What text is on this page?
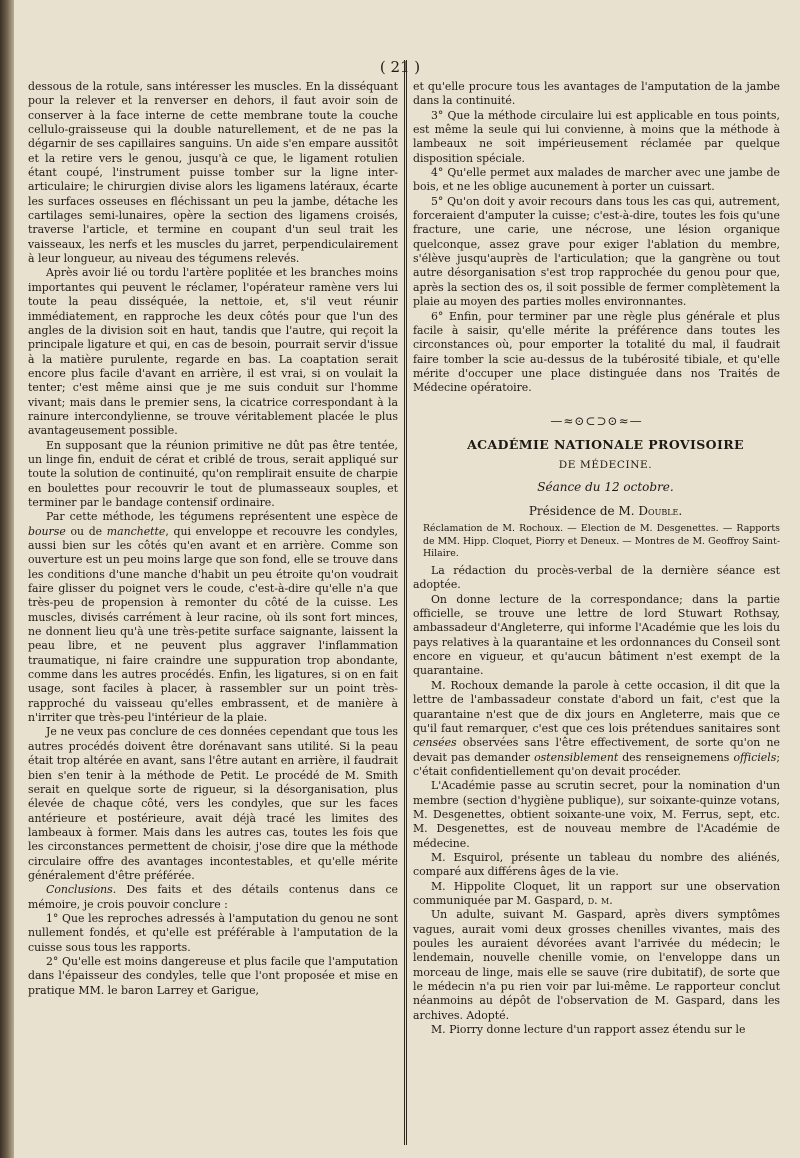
( 21 )

dessous de la rotule, sans intéresser les muscles. En la disséquant pour la relever et la renverser en dehors, il faut avoir soin de conserver à la face interne de cette membrane toute la couche cellulo-graisseuse qui la double naturellement, et de ne pas la dégarnir de ses capillaires sanguins. Un aide s'en empare aussitôt et la retire vers le genou, jusqu'à ce que, le ligament rotulien étant coupé, l'instrument puisse tomber sur la ligne inter-articulaire; le chirurgien divise alors les ligamens latéraux, écarte les surfaces osseuses en fléchissant un peu la jambe, détache les cartilages semi-lunaires, opère la section des ligamens croisés, traverse l'article, et termine en coupant d'un seul trait les vaisseaux, les nerfs et les muscles du jarret, perpendiculairement à leur longueur, au niveau des tégumens relevés.

Après avoir lié ou tordu l'artère poplitée et les branches moins importantes qui peuvent le réclamer, l'opérateur ramène vers lui toute la peau disséquée, la nettoie, et, s'il veut réunir immédiatement, en rapproche les deux côtés pour que l'un des angles de la division soit en haut, tandis que l'autre, qui reçoit la principale ligature et qui, en cas de besoin, pourrait servir d'issue à la matière purulente, regarde en bas. La coaptation serait encore plus facile d'avant en arrière, il est vrai, si on voulait la tenter; c'est même ainsi que je me suis conduit sur l'homme vivant; mais dans le premier sens, la cicatrice correspondant à la rainure intercondylienne, se trouve véritablement placée le plus avantageusement possible.

En supposant que la réunion primitive ne dût pas être tentée, un linge fin, enduit de cérat et criblé de trous, serait appliqué sur toute la solution de continuité, qu'on remplirait ensuite de charpie en boulettes pour recouvrir le tout de plumasseaux souples, et terminer par le bandage contensif ordinaire.

Par cette méthode, les tégumens représentent une espèce de bourse ou de manchette, qui enveloppe et recouvre les condyles, aussi bien sur les côtés qu'en avant et en arrière. Comme son ouverture est un peu moins large que son fond, elle se trouve dans les conditions d'une manche d'habit un peu étroite qu'on voudrait faire glisser du poignet vers le coude, c'est-à-dire qu'elle n'a que très-peu de propension à remonter du côté de la cuisse. Les muscles, divisés carrément à leur racine, où ils sont fort minces, ne donnent lieu qu'à une très-petite surface saignante, laissent la peau libre, et ne peuvent plus aggraver l'inflammation traumatique, ni faire craindre une suppuration trop abondante, comme dans les autres procédés. Enfin, les ligatures, si on en fait usage, sont faciles à placer, à rassembler sur un point très-rapproché du vaisseau qu'elles embrassent, et de manière à n'irriter que très-peu l'intérieur de la plaie.

Je ne veux pas conclure de ces données cependant que tous les autres procédés doivent être dorénavant sans utilité. Si la peau était trop altérée en avant, sans l'être autant en arrière, il faudrait bien s'en tenir à la méthode de Petit. Le procédé de M. Smith serait en quelque sorte de rigueur, si la désorganisation, plus élevée de chaque côté, vers les condyles, que sur les faces antérieure et postérieure, avait déjà tracé les limites des lambeaux à former. Mais dans les autres cas, toutes les fois que les circonstances permettent de choisir, j'ose dire que la méthode circulaire offre des avantages incontestables, et qu'elle mérite généralement d'être préférée.

Conclusions. Des faits et des détails contenus dans ce mémoire, je crois pouvoir conclure :

1° Que les reproches adressés à l'amputation du genou ne sont nullement fondés, et qu'elle est préférable à l'amputation de la cuisse sous tous les rapports.

2° Qu'elle est moins dangereuse et plus facile que l'amputation dans l'épaisseur des condyles, telle que l'ont proposée et mise en pratique MM. le baron Larrey et Garigue,

et qu'elle procure tous les avantages de l'amputation de la jambe dans la continuité.

3° Que la méthode circulaire lui est applicable en tous points, est même la seule qui lui convienne, à moins que la méthode à lambeaux ne soit impérieusement réclamée par quelque disposition spéciale.

4° Qu'elle permet aux malades de marcher avec une jambe de bois, et ne les oblige aucunement à porter un cuissart.

5° Qu'on doit y avoir recours dans tous les cas qui, autrement, forceraient d'amputer la cuisse; c'est-à-dire, toutes les fois qu'une fracture, une carie, une nécrose, une lésion organique quelconque, assez grave pour exiger l'ablation du membre, s'élève jusqu'auprès de l'articulation; que la gangrène ou tout autre désorganisation s'est trop rapprochée du genou pour que, après la section des os, il soit possible de fermer complètement la plaie au moyen des parties molles environnantes.

6° Enfin, pour terminer par une règle plus générale et plus facile à saisir, qu'elle mérite la préférence dans toutes les circonstances où, pour emporter la totalité du mal, il faudrait faire tomber la scie au-dessus de la tubérosité tibiale, et qu'elle mérite d'occuper une place distinguée dans nos Traités de Médecine opératoire.

—≈⊙⊂⊃⊙≈—

ACADÉMIE NATIONALE PROVISOIRE

DE MÉDECINE.

Séance du 12 octobre.

Présidence de M. Double.

Réclamation de M. Rochoux. — Election de M. Desgenettes. — Rapports de MM. Hipp. Cloquet, Piorry et Deneux. — Montres de M. Geoffroy Saint-Hilaire.

La rédaction du procès-verbal de la dernière séance est adoptée.

On donne lecture de la correspondance; dans la partie officielle, se trouve une lettre de lord Stuwart Rothsay, ambassadeur d'Angleterre, qui informe l'Académie que les lois du pays relatives à la quarantaine et les ordonnances du Conseil sont encore en vigueur, et qu'aucun bâtiment n'est exempt de la quarantaine.

M. Rochoux demande la parole à cette occasion, il dit que la lettre de l'ambassadeur constate d'abord un fait, c'est que la quarantaine n'est que de dix jours en Angleterre, mais que ce qu'il faut remarquer, c'est que ces lois prétendues sanitaires sont censées observées sans l'être effectivement, de sorte qu'on ne devait pas demander ostensiblement des renseignemens officiels; c'était confidentiellement qu'on devait procéder.

L'Académie passe au scrutin secret, pour la nomination d'un membre (section d'hygiène publique), sur soixante-quinze votans, M. Desgenettes, obtient soixante-une voix, M. Ferrus, sept, etc. M. Desgenettes, est de nouveau membre de l'Académie de médecine.

M. Esquirol, présente un tableau du nombre des aliénés, comparé aux différens âges de la vie.

M. Hippolite Cloquet, lit un rapport sur une observation communiquée par M. Gaspard, d. m.

Un adulte, suivant M. Gaspard, après divers symptômes vagues, aurait vomi deux grosses chenilles vivantes, mais des poules les auraient dévorées avant l'arrivée du médecin; le lendemain, nouvelle chenille vomie, on l'enveloppe dans un morceau de linge, mais elle se sauve (rire dubitatif), de sorte que le médecin n'a pu rien voir par lui-même. Le rapporteur conclut néanmoins au dépôt de l'observation de M. Gaspard, dans les archives. Adopté.

M. Piorry donne lecture d'un rapport assez étendu sur le
